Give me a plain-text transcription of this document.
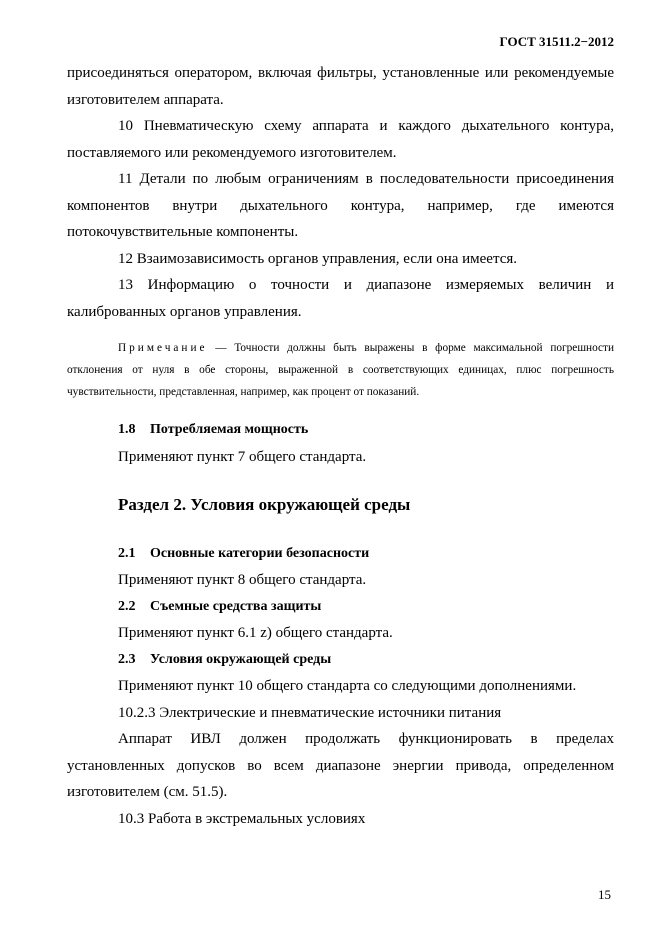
ГОСТ 31511.2−2012

присоединяться оператором, включая фильтры, установленные или рекомендуемые изготовителем аппарата.

10 Пневматическую схему аппарата и каждого дыхательного контура, поставляемого или рекомендуемого изготовителем.

11 Детали по любым ограничениям в последовательности присоединения компонентов внутри дыхательного контура, например, где имеются потокочувствительные компоненты.

12 Взаимозависимость органов управления, если она имеется.

13 Информацию о точности и диапазоне измеряемых величин и калиброванных органов управления.

Примечание — Точности должны быть выражены в форме максимальной погрешности отклонения от нуля в обе стороны, выраженной в соответствующих единицах, плюс погрешность чувствительности, представленная, например, как процент от показаний.

1.8 Потребляемая мощность

Применяют пункт 7 общего стандарта.

Раздел 2. Условия окружающей среды

2.1 Основные категории безопасности

Применяют пункт 8 общего стандарта.

2.2 Съемные средства защиты

Применяют пункт 6.1 z) общего стандарта.

2.3 Условия окружающей среды

Применяют пункт 10 общего стандарта со следующими дополнениями.

10.2.3 Электрические и пневматические источники питания

Аппарат ИВЛ должен продолжать функционировать в пределах установленных допусков во всем диапазоне энергии привода, определенном изготовителем (см. 51.5).

10.3 Работа в экстремальных условиях

15
